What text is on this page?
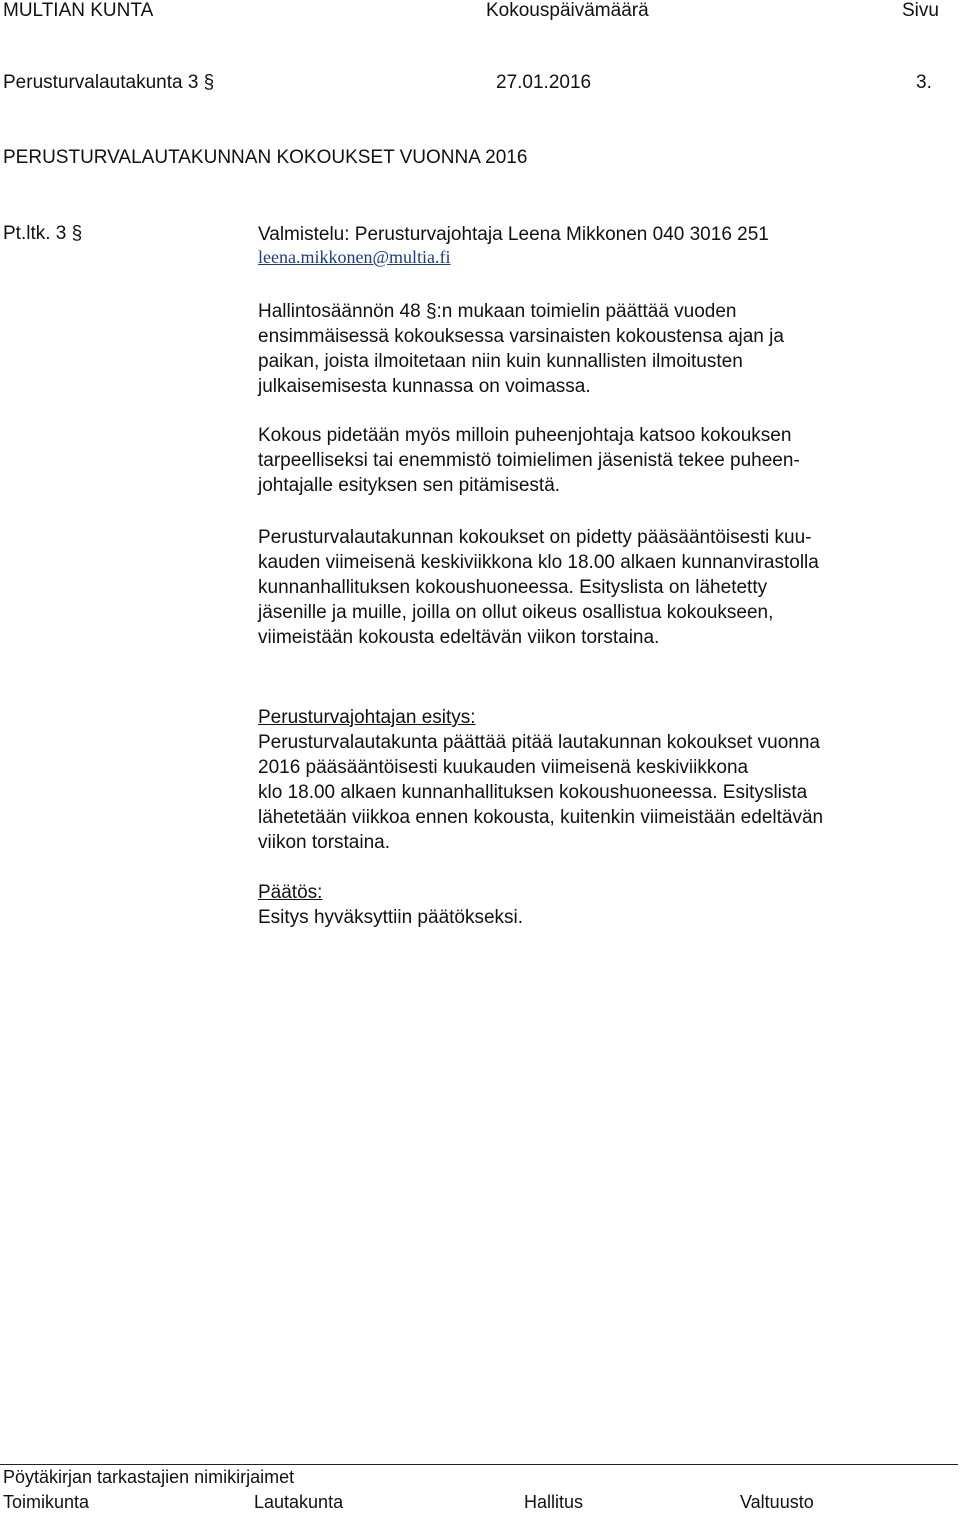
MULTIAN KUNTA	Kokouspäivämäärä	Sivu
Perusturvalautakunta 3 §	27.01.2016	3.
PERUSTURVALAUTAKUNNAN KOKOUKSET VUONNA 2016
Pt.ltk. 3 §	Valmistelu: Perusturvajohtaja Leena Mikkonen 040 3016 251

leena.mikkonen@multia.fi

Hallintosäännön 48 §:n mukaan toimielin päättää vuoden

ensimmäisessä kokouksessa varsinaisten kokoustensa ajan ja

paikan, joista ilmoitetaan niin kuin kunnallisten ilmoitusten

julkaisemisesta kunnassa on voimassa.

Kokous pidetään myös milloin puheenjohtaja katsoo kokouksen

tarpeelliseksi tai enemmistö toimielimen jäsenistä tekee puheen-

johtajalle esityksen sen pitämisestä.

Perusturvalautakunnan kokoukset on pidetty pääsääntöisesti kuu-

kauden viimeisenä keskiviikkona klo 18.00 alkaen kunnanvirastolla

kunnanhallituksen kokoushuoneessa. Esityslista on lähetetty

jäsenille ja muille, joilla on ollut oikeus osallistua kokoukseen,

viimeistään kokousta edeltävän viikon torstaina.

Perusturvajohtajan esitys:

Perusturvalautakunta päättää pitää lautakunnan kokoukset vuonna

2016 pääsääntöisesti kuukauden viimeisenä keskiviikkona

klo 18.00 alkaen kunnanhallituksen kokoushuoneessa. Esityslista

lähetetään viikkoa ennen kokousta, kuitenkin viimeistään edeltävän

viikon torstaina.

Päätös:

Esitys hyväksyttiin päätökseksi.

Pöytäkirjan tarkastajien nimikirjaimet
Toimikunta	Lautakunta	Hallitus	Valtuusto
